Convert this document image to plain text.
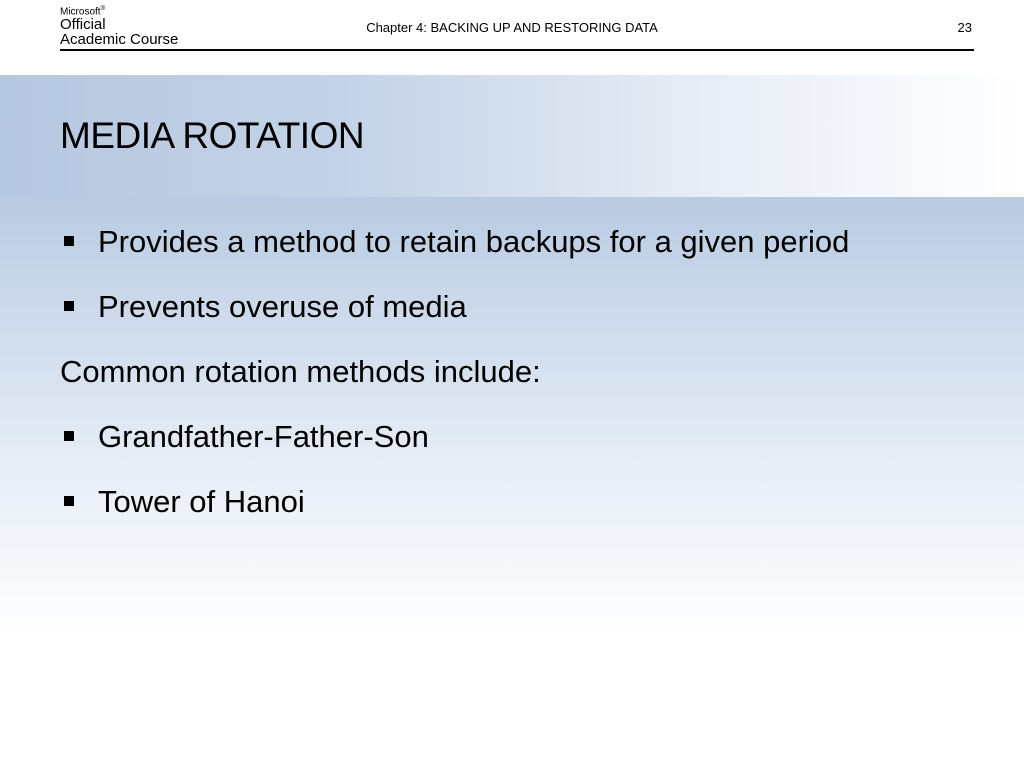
Microsoft®
Official
Academic Course
Chapter 4: BACKING UP AND RESTORING DATA	23
MEDIA ROTATION
Provides a method to retain backups for a given period
Prevents overuse of media
Common rotation methods include:
Grandfather-Father-Son
Tower of Hanoi
